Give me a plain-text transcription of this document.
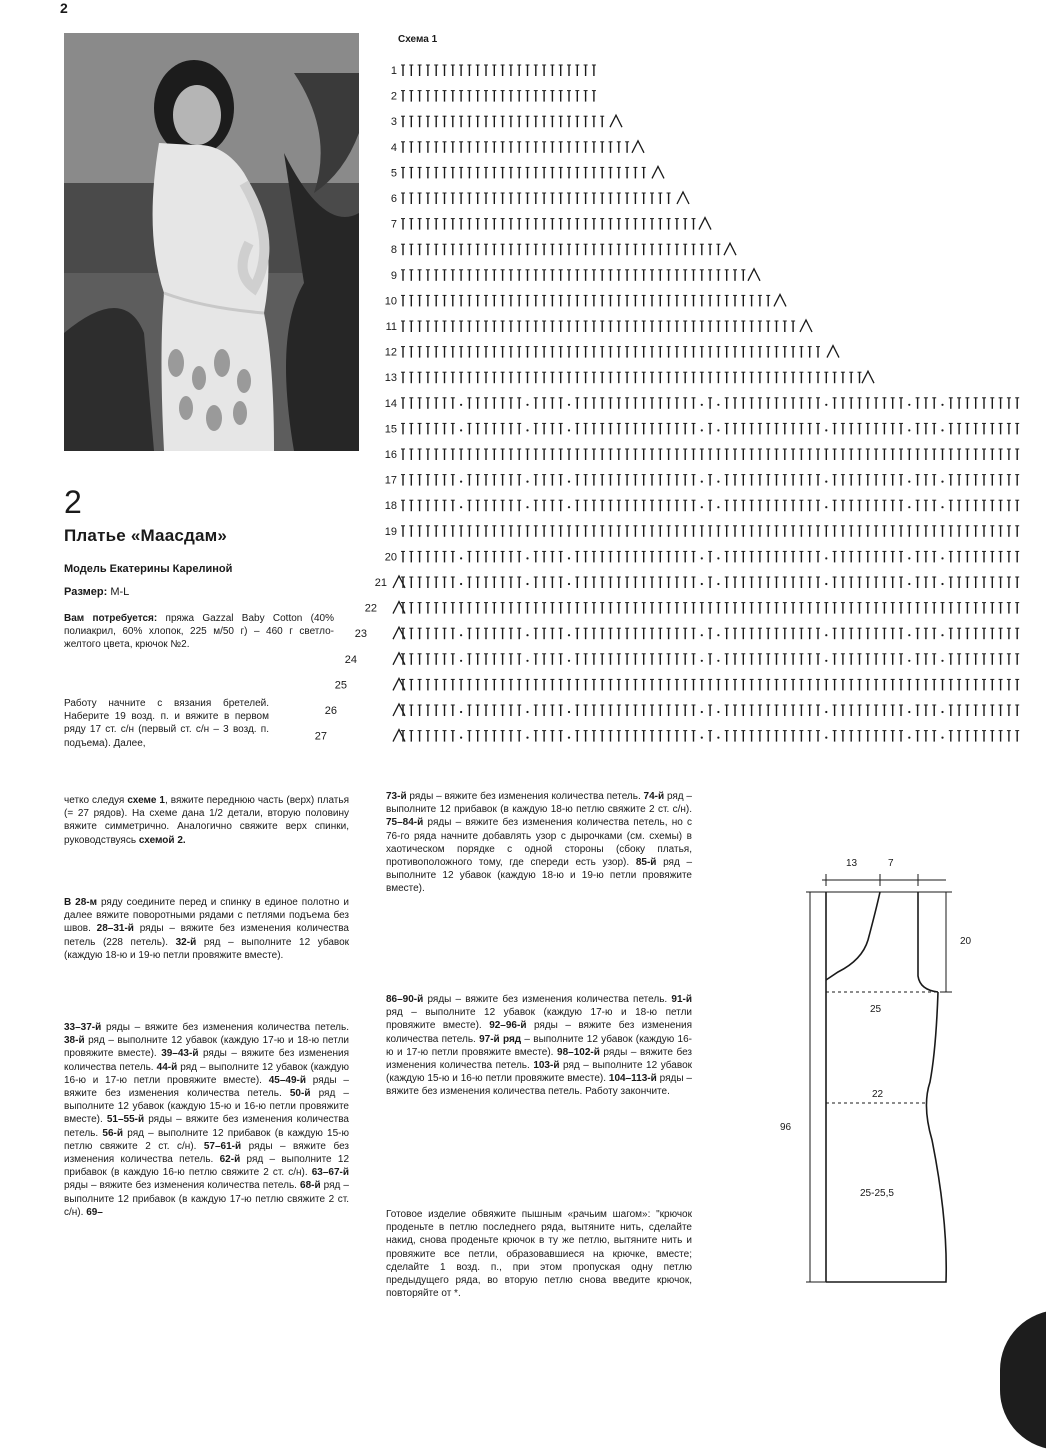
2
2
Платье «Маасдам»
Модель Екатерины Карелиной
Размер: M-L
Вам потребуется: пряжа Gazzal Baby Cotton (40% полиакрил, 60% хлопок, 225 м/50 г) – 460 г светло-желтого цвета, крючок №2.
Работу начните с вязания бретелей. Наберите 19 возд. п. и вяжите в первом ряду 17 ст. с/н (первый ст. с/н – 3 возд. п. подъема). Далее,
четко следуя схеме 1, вяжите переднюю часть (верх) платья (= 27 рядов). На схеме дана 1/2 детали, вторую половину вяжите симметрично. Аналогично свяжите верх спинки, руководствуясь схемой 2.
В 28-м ряду соедините перед и спинку в единое полотно и далее вяжите поворотными рядами с петлями подъема без швов. 28–31-й ряды – вяжите без изменения количества петель (228 петель). 32-й ряд – выполните 12 убавок (каждую 18-ю и 19-ю петли провяжите вместе).
33–37-й ряды – вяжите без изменения количества петель. 38-й ряд – выполните 12 убавок (каждую 17-ю и 18-ю петли провяжите вместе). 39–43-й ряды – вяжите без изменения количества петель. 44-й ряд – выполните 12 убавок (каждую 16-ю и 17-ю петли провяжите вместе). 45–49-й ряды – вяжите без изменения количества петель. 50-й ряд – выполните 12 убавок (каждую 15-ю и 16-ю петли провяжите вместе). 51–55-й ряды – вяжите без изменения количества петель. 56-й ряд – выполните 12 прибавок (в каждую 15-ю петлю свяжите 2 ст. с/н). 57–61-й ряды – вяжите без изменения количества петель. 62-й ряд – выполните 12 прибавок (в каждую 16-ю петлю свяжите 2 ст. с/н). 63–67-й ряды – вяжите без изменения количества петель. 68-й ряд – выполните 12 прибавок (в каждую 17-ю петлю свяжите 2 ст. с/н). 69–
73-й ряды – вяжите без изменения количества петель. 74-й ряд – выполните 12 прибавок (в каждую 18-ю петлю свяжите 2 ст. с/н). 75–84-й ряды – вяжите без изменения количества петель, но с 76-го ряда начните добавлять узор с дырочками (см. схемы) в хаотическом порядке с одной стороны (сбоку платья, противоположного тому, где спереди есть узор). 85-й ряд – выполните 12 убавок (каждую 18-ю и 19-ю петли провяжите вместе).
86–90-й ряды – вяжите без изменения количества петель. 91-й ряд – выполните 12 убавок (каждую 17-ю и 18-ю петли провяжите вместе). 92–96-й ряды – вяжите без изменения количества петель. 97-й ряд – выполните 12 убавок (каждую 16-ю и 17-ю петли провяжите вместе). 98–102-й ряды – вяжите без изменения количества петель. 103-й ряд – выполните 12 убавок (каждую 15-ю и 16-ю петли провяжите вместе). 104–113-й ряды – вяжите без изменения количества петель. Работу закончите.
Готовое изделие обвяжите пышным «рачьим шагом»: "крючок проденьте в петлю последнего ряда, вытяните нить, сделайте накид, снова проденьте крючок в ту же петлю, вытяните нить и провяжите все петли, образовавшиеся на крючке, вместе; сделайте 1 возд. п., при этом пропуская одну петлю предыдущего ряда, во вторую петлю снова введите крючок, повторяйте от *.
Схема 1
1
2
3
4
5
6
7
8
9
10
11
12
13
14
15
16
17
18
19
20
21
22
23
24
25
26
27
13	7
20
25
22
96
25-25,5
